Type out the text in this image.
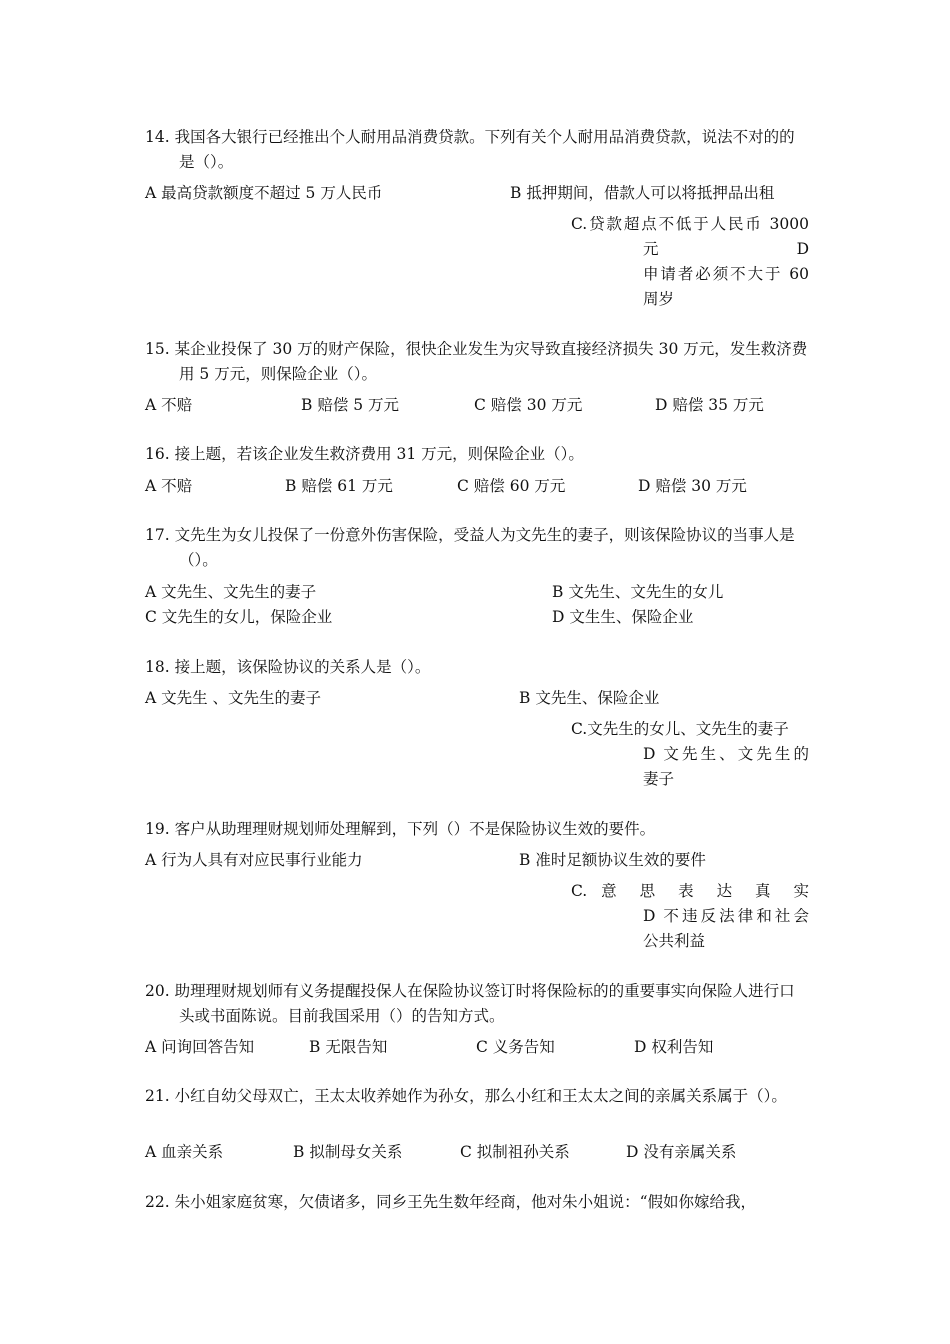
14. 我国各大银行已经推出个人耐用品消费贷款。下列有关个人耐用品消费贷款，说法不对的的是（）。

A 最高贷款额度不超过 5 万人民币	B 抵押期间，借款人可以将抵押品出租
C.贷款超点不低于人民币 3000
元D
申请者必须不大于 60
周岁

15. 某企业投保了 30 万的财产保险，很快企业发生为灾导致直接经济损失 30 万元，发生救济费用 5 万元，则保险企业（）。

A 不赔	B 赔偿 5 万元	C 赔偿 30 万元	D 赔偿 35 万元

16. 接上题，若该企业发生救济费用 31 万元，则保险企业（）。

A 不赔	B 赔偿 61 万元	C 赔偿 60 万元	D 赔偿 30 万元

17. 文先生为女儿投保了一份意外伤害保险，受益人为文先生的妻子，则该保险协议的当事人是（）。

A 文先生、文先生的妻子	B 文先生、文先生的女儿
C 文先生的女儿，保险企业	D 文生生、保险企业

18. 接上题，该保险协议的关系人是（）。

A 文先生 、文先生的妻子	B 文先生、保险企业
C.文先生的女儿、文先生的妻子
D 文先生、文先生的
妻子

19. 客户从助理理财规划师处理解到，下列（）不是保险协议生效的要件。

A 行为人具有对应民事行业能力	B 准时足额协议生效的要件
C. 意 思 表 达 真 实
D 不违反法律和社会
公共利益

20. 助理理财规划师有义务提醒投保人在保险协议签订时将保险标的的重要事实向保险人进行口头或书面陈说。目前我国采用（）的告知方式。

A 问询回答告知	B 无限告知	C 义务告知	D 权利告知

21. 小红自幼父母双亡，王太太收养她作为孙女，那么小红和王太太之间的亲属关系属于（）。

A 血亲关系	B 拟制母女关系	C 拟制祖孙关系	D 没有亲属关系

22. 朱小姐家庭贫寒，欠债诸多，同乡王先生数年经商，他对朱小姐说：“假如你嫁给我，
